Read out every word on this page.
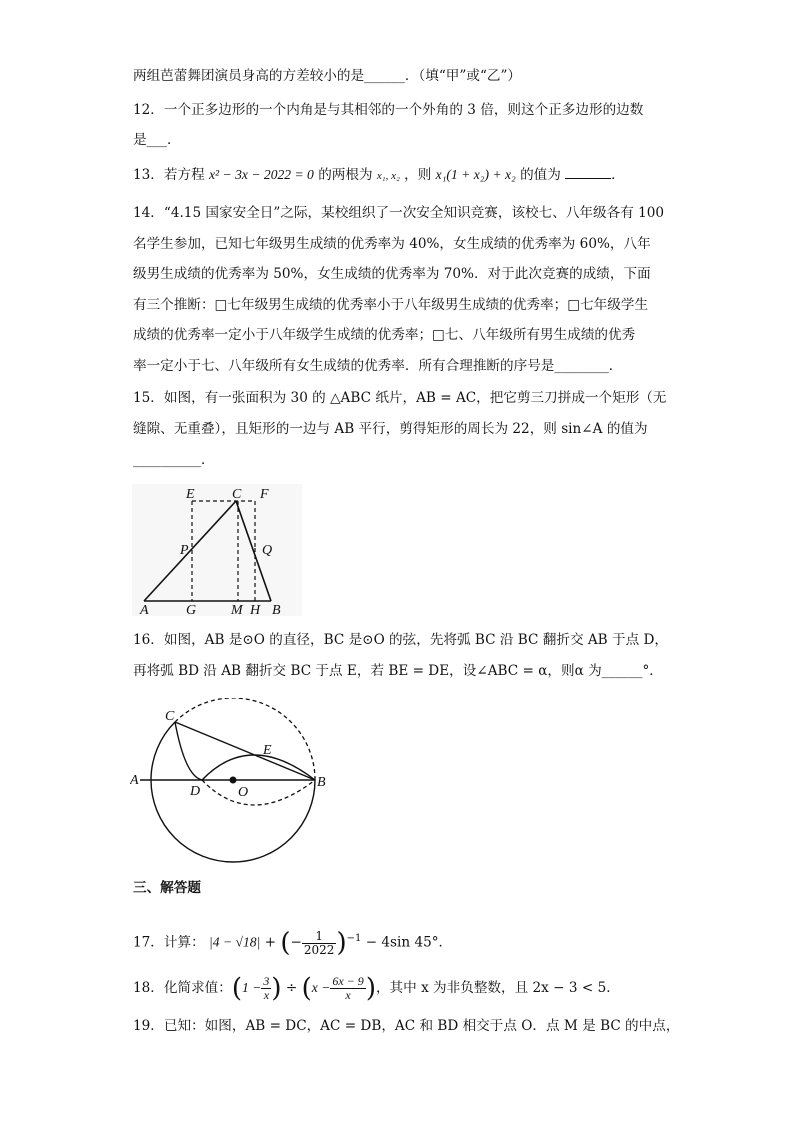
两组芭蕾舞团演员身高的方差较小的是______．（填“甲”或“乙”）
12．一个正多边形的一个内角是与其相邻的一个外角的 3 倍，则这个正多边形的边数
是___．
13．若方程 x² − 3x − 2022 = 0 的两根为 x₁, x₂ ，则 x₁(1 + x₂) + x₂ 的值为	．
14．“4.15 国家安全日”之际，某校组织了一次安全知识竞赛，该校七、八年级各有 100
名学生参加，已知七年级男生成绩的优秀率为 40%，女生成绩的优秀率为 60%，八年
级男生成绩的优秀率为 50%，女生成绩的优秀率为 70%．对于此次竞赛的成绩，下面
有三个推断：□七年级男生成绩的优秀率小于八年级男生成绩的优秀率；□七年级学生
成绩的优秀率一定小于八年级学生成绩的优秀率；□七、八年级所有男生成绩的优秀
率一定小于七、八年级所有女生成绩的优秀率．所有合理推断的序号是________．
15．如图，有一张面积为 30 的 △ABC 纸片，AB = AC，把它剪三刀拼成一个矩形（无
缝隙、无重叠），且矩形的一边与 AB 平行，剪得矩形的周长为 22，则 sin∠A 的值为
__________．
E	C F
P	Q
A	G M H B
16．如图，AB 是⊙O 的直径，BC 是⊙O 的弦，先将弧 BC 沿 BC 翻折交 AB 于点 D，
再将弧 BD 沿 AB 翻折交 BC 于点 E，若 BE = DE，设∠ABC = α，则α 为______°．
C
E
A
D	O
B
三、解答题
17．计算： |4 − √18| + (− $\frac{1}{2022} )^{-1} - 4\sin$ 45°．
18．化简求值：($1 - \frac{3}{x}$ ) ÷ ($x - \frac{6x - 9}{x}$ )，其中 x 为非负整数，且 2x − 3 < 5．
19．已知：如图，AB = DC，AC = DB，AC 和 BD 相交于点 O．点 M 是 BC 的中点，
